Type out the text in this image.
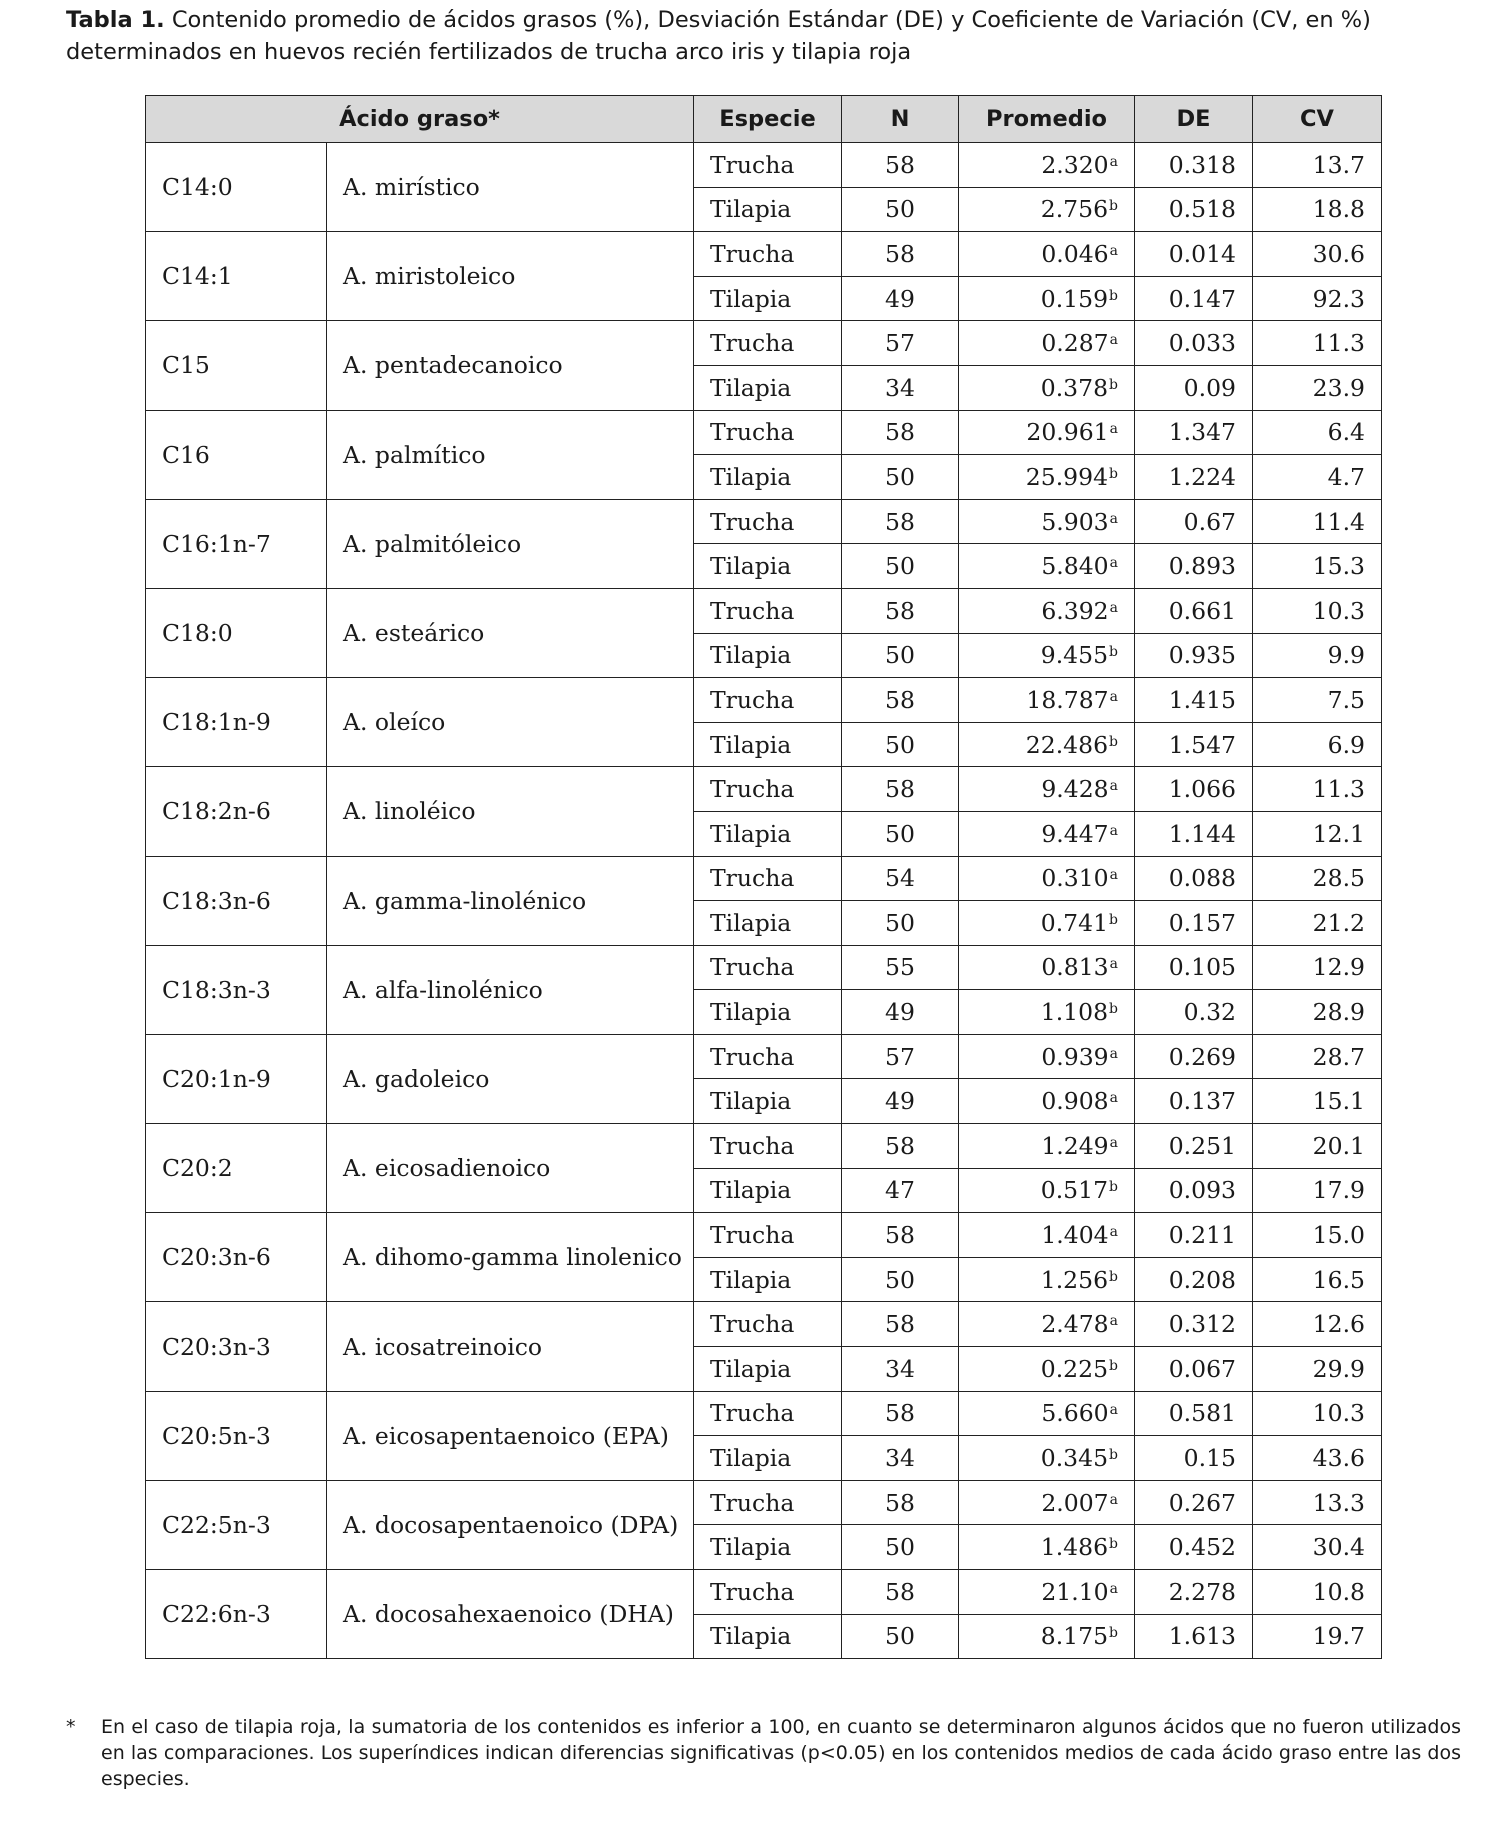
Tabla 1. Contenido promedio de ácidos grasos (%), Desviación Estándar (DE) y Coeficiente de Variación (CV, en %) determinados en huevos recién fertilizados de trucha arco iris y tilapia roja
Ácido graso*		Especie	N	Promedio	DE	CV
C14:0	A. mirístico	Trucha	58	2.320$^a$	0.318	13.7
		Tilapia	50	2.756$^b$	0.518	18.8
C14:1	A. miristoleico	Trucha	58	0.046$^a$	0.014	30.6
		Tilapia	49	0.159$^b$	0.147	92.3
C15	A. pentadecanoico	Trucha	57	0.287$^a$	0.033	11.3
		Tilapia	34	0.378$^b$	0.09	23.9
C16	A. palmítico	Trucha	58	20.961$^a$	1.347	6.4
		Tilapia	50	25.994$^b$	1.224	4.7
C16:1n-7	A. palmitóleico	Trucha	58	5.903$^a$	0.67	11.4
		Tilapia	50	5.840$^a$	0.893	15.3
C18:0	A. esteárico	Trucha	58	6.392$^a$	0.661	10.3
		Tilapia	50	9.455$^b$	0.935	9.9
C18:1n-9	A. oleíco	Trucha	58	18.787$^a$	1.415	7.5
		Tilapia	50	22.486$^b$	1.547	6.9
C18:2n-6	A. linoléico	Trucha	58	9.428$^a$	1.066	11.3
		Tilapia	50	9.447$^a$	1.144	12.1
C18:3n-6	A. gamma-linolénico	Trucha	54	0.310$^a$	0.088	28.5
		Tilapia	50	0.741$^b$	0.157	21.2
C18:3n-3	A. alfa-linolénico	Trucha	55	0.813$^a$	0.105	12.9
		Tilapia	49	1.108$^b$	0.32	28.9
C20:1n-9	A. gadoleico	Trucha	57	0.939$^a$	0.269	28.7
		Tilapia	49	0.908$^a$	0.137	15.1
C20:2	A. eicosadienoico	Trucha	58	1.249$^a$	0.251	20.1
		Tilapia	47	0.517$^b$	0.093	17.9
C20:3n-6	A. dihomo-gamma linolenico	Trucha	58	1.404$^a$	0.211	15.0
		Tilapia	50	1.256$^b$	0.208	16.5
C20:3n-3	A. icosatreinoico	Trucha	58	2.478$^a$	0.312	12.6
		Tilapia	34	0.225$^b$	0.067	29.9
C20:5n-3	A. eicosapentaenoico (EPA)	Trucha	58	5.660$^a$	0.581	10.3
		Tilapia	34	0.345$^b$	0.15	43.6
C22:5n-3	A. docosapentaenoico (DPA)	Trucha	58	2.007$^a$	0.267	13.3
		Tilapia	50	1.486$^b$	0.452	30.4
C22:6n-3	A. docosahexaenoico (DHA)	Trucha	58	21.10$^a$	2.278	10.8
		Tilapia	50	8.175$^b$	1.613	19.7
* En el caso de tilapia roja, la sumatoria de los contenidos es inferior a 100, en cuanto se determinaron algunos ácidos que no fueron utilizados en las comparaciones. Los superíndices indican diferencias significativas (p<0.05) en los contenidos medios de cada ácido graso entre las dos especies.
